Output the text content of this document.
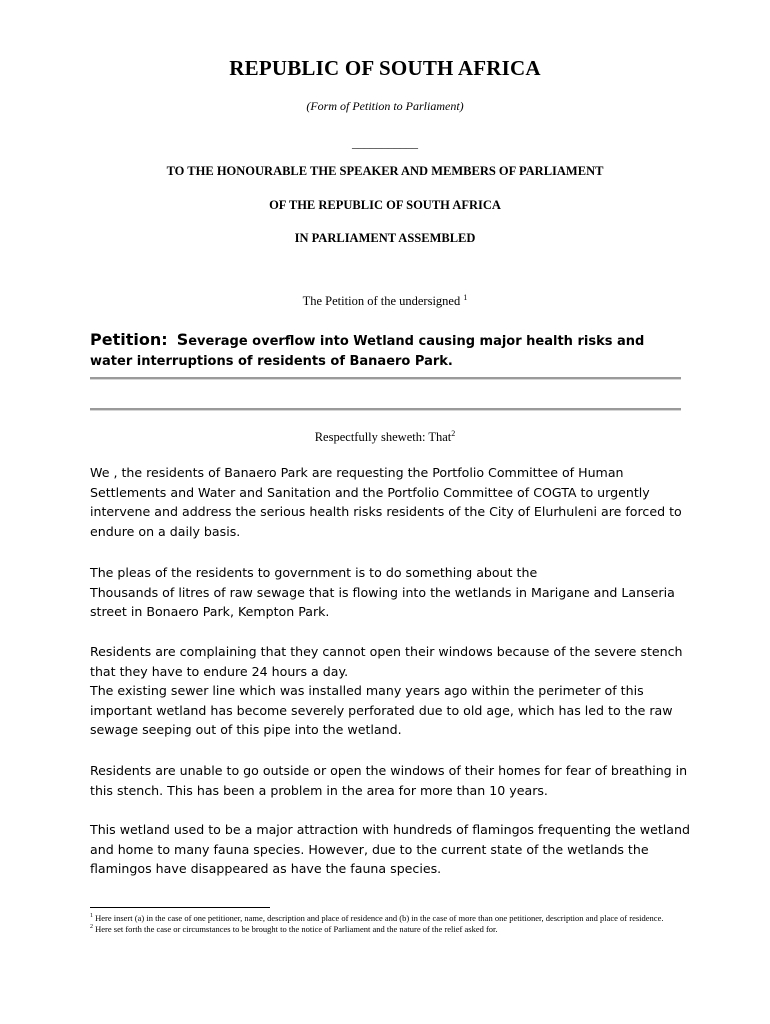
REPUBLIC OF SOUTH AFRICA
(Form of Petition to Parliament)
___________
TO THE HONOURABLE THE SPEAKER AND MEMBERS OF PARLIAMENT
OF THE REPUBLIC OF SOUTH AFRICA
IN PARLIAMENT ASSEMBLED
The Petition of the undersigned $^1$
Petition: Severage overflow into Wetland causing major health risks and water interruptions of residents of Banaero Park.
Respectfully sheweth: That$^2$
We , the residents of Banaero Park are requesting the Portfolio Committee of Human Settlements and Water and Sanitation and the Portfolio Committee of COGTA to urgently intervene and address the serious health risks residents of the City of Elurhuleni are forced to endure on a daily basis.
The pleas of the residents to government is to do something about the
Thousands of litres of raw sewage that is flowing into the wetlands in Marigane and Lanseria street in Bonaero Park, Kempton Park.
Residents are complaining that they cannot open their windows because of the severe stench that they have to endure 24 hours a day.
The existing sewer line which was installed many years ago within the perimeter of this important wetland has become severely perforated due to old age, which has led to the raw sewage seeping out of this pipe into the wetland.
Residents are unable to go outside or open the windows of their homes for fear of breathing in this stench. This has been a problem in the area for more than 10 years.
This wetland used to be a major attraction with hundreds of flamingos frequenting the wetland and home to many fauna species. However, due to the current state of the wetlands the flamingos have disappeared as have the fauna species.
$^1$ Here insert (a) in the case of one petitioner, name, description and place of residence and (b) in the case of more than one petitioner, description and place of residence.
$^2$ Here set forth the case or circumstances to be brought to the notice of Parliament and the nature of the relief asked for.
